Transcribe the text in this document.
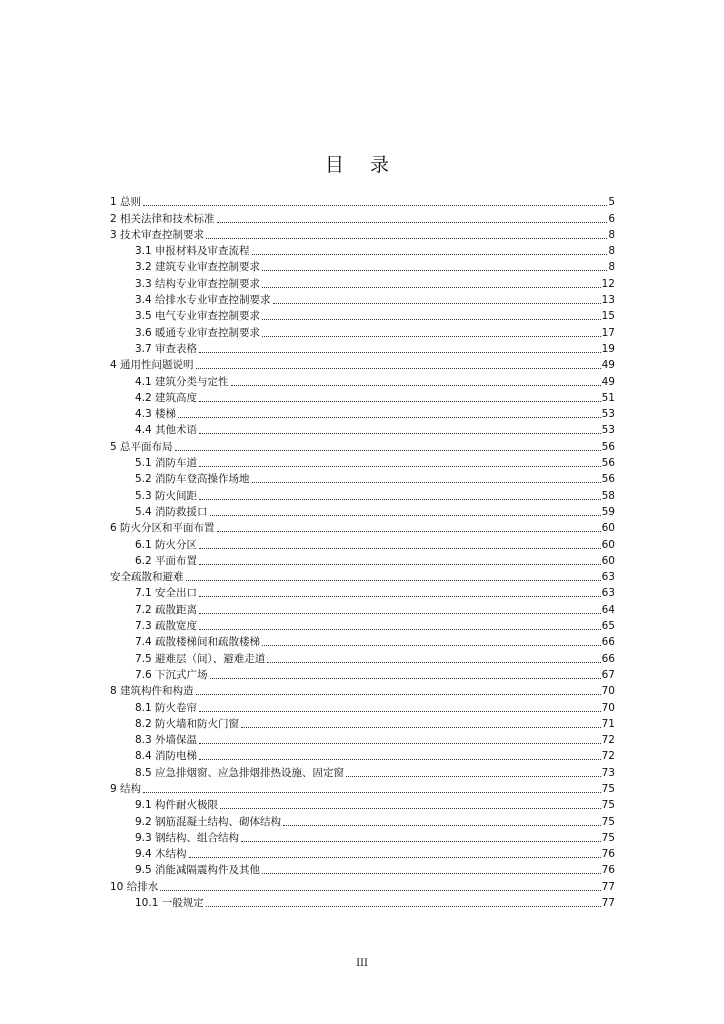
目 录
1 总则	5
2 相关法律和技术标准	6
3 技术审查控制要求	8
3.1 申报材料及审查流程	8
3.2 建筑专业审查控制要求	8
3.3 结构专业审查控制要求	12
3.4 给排水专业审查控制要求	13
3.5 电气专业审查控制要求	15
3.6 暖通专业审查控制要求	17
3.7 审查表格	19
4 通用性问题说明	49
4.1 建筑分类与定性	49
4.2 建筑高度	51
4.3 楼梯	53
4.4 其他术语	53
5 总平面布局	56
5.1 消防车道	56
5.2 消防车登高操作场地	56
5.3 防火间距	58
5.4 消防救援口	59
6 防火分区和平面布置	60
6.1 防火分区	60
6.2 平面布置	60
安全疏散和避难	63
7.1 安全出口	63
7.2 疏散距离	64
7.3 疏散宽度	65
7.4 疏散楼梯间和疏散楼梯	66
7.5 避难层（间）、避难走道	66
7.6 下沉式广场	67
8 建筑构件和构造	70
8.1 防火卷帘	70
8.2 防火墙和防火门窗	71
8.3 外墙保温	72
8.4 消防电梯	72
8.5 应急排烟窗、应急排烟排热设施、固定窗	73
9 结构	75
9.1 构件耐火极限	75
9.2 钢筋混凝土结构、砌体结构	75
9.3 钢结构、组合结构	75
9.4 木结构	76
9.5 消能减隔震构件及其他	76
10 给排水	77
10.1 一般规定	77
III
